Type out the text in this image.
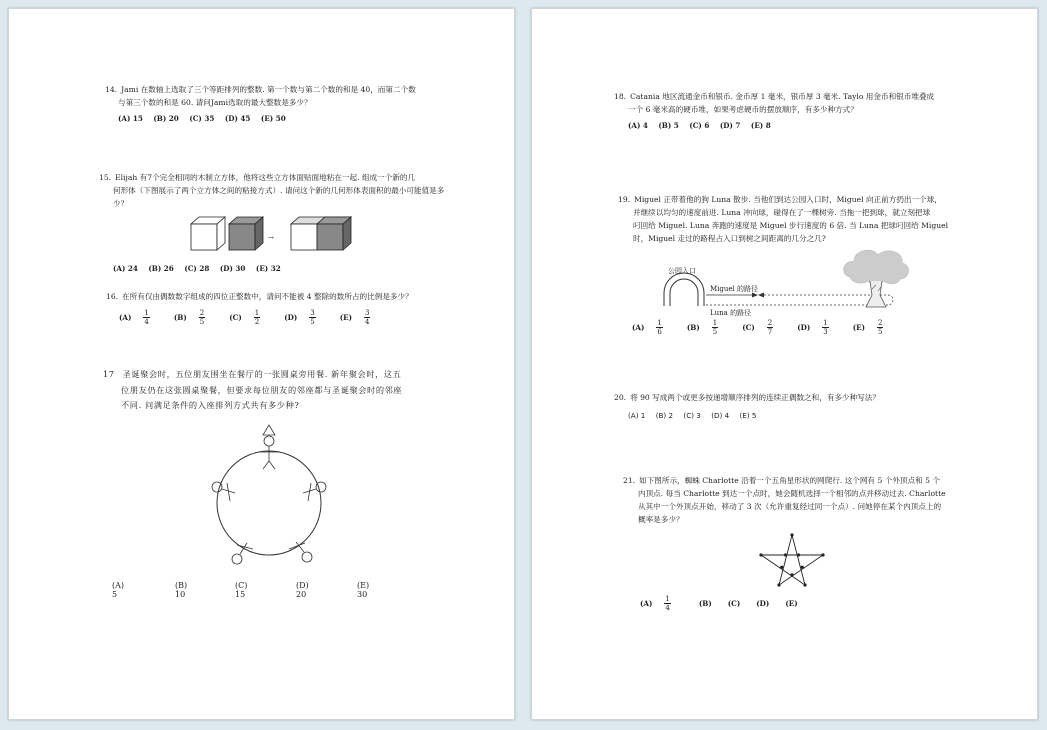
14. Jami 在数轴上选取了三个等距排列的整数. 第一个数与第二个数的和是 40，而第二个数

与第三个数的和是 60. 请问Jami选取的最大整数是多少？

(A) 15 (B) 20 (C) 35 (D) 45 (E) 50

15. Elijah 有7个完全相同的木制立方体，他将这些立方体面贴面地粘在一起. 组成一个新的几

何形体（下图展示了两个立方体之间的粘接方式）. 请问这个新的几何形体表面积的最小可能值是多

少？

→

(A) 24 (B) 26 (C) 28 (D) 30 (E) 32

16. 在所有仅由偶数数字组成的四位正整数中，请问不能被 4 整除的数所占的比例是多少？

$(A) \frac{1}{4} (B) \frac{2}{5} (C) \frac{1}{2} (D) \frac{3}{5} (E) \frac{3}{4}$

17 圣诞聚会时，五位朋友围坐在餐厅的一张圆桌旁用餐. 新年聚会时，这五

位朋友仍在这张圆桌聚餐，但要求每位朋友的邻座都与圣诞聚会时的邻座

不同. 问满足条件的入座排列方式共有多少种?

(A) 5
(B) 10
(C) 15
(D) 20
(E) 30

18. Catania 地区流通金币和银币. 金币厚 1 毫米，银币厚 3 毫米. Taylo 用金币和银币堆叠成

一个 6 毫米高的硬币堆，如果考虑硬币的摆放顺序，有多少种方式？

(A) 4 (B) 5 (C) 6 (D) 7 (E) 8

19. Miguel 正带着他的狗 Luna 散步. 当他们到达公园入口时，Miguel 向正前方扔出一个球，

并继续以均匀的速度前进. Luna 冲向球，碰得在了一棵树旁. 当拖一把到球，就立刻把球

叼回给 Miguel. Luna 奔跑的速度是 Miguel 步行速度的 6 倍. 当 Luna 把球叼回给 Miguel

时，Miguel 走过的路程占入口到树之间距离的几分之几?

公园入口
Miguel 的路径
Luna 的路径
$(A) \frac{1}{6} (B) \frac{1}{5} (C) \frac{2}{7} (D) \frac{1}{3} (E) \frac{2}{5}$

20. 将 90 写成两个或更多按递增顺序排列的连续正偶数之和，有多少种写法？

(A) 1 (B) 2 (C) 3 (D) 4 (E) 5

21. 如下图所示，蜘蛛 Charlotte 沿着一个五角星形状的网爬行. 这个网有 5 个外顶点和 5 个

内顶点. 每当 Charlotte 到达一个点时，她会随机选择一个相邻的点并移动过去. Charlotte

从其中一个外顶点开始，移动了 3 次（允许重复经过同一个点）. 问她停在某个内顶点上的

概率是多少？

$(A) \frac{1}{4}$	(B) (C) (D) (E)
